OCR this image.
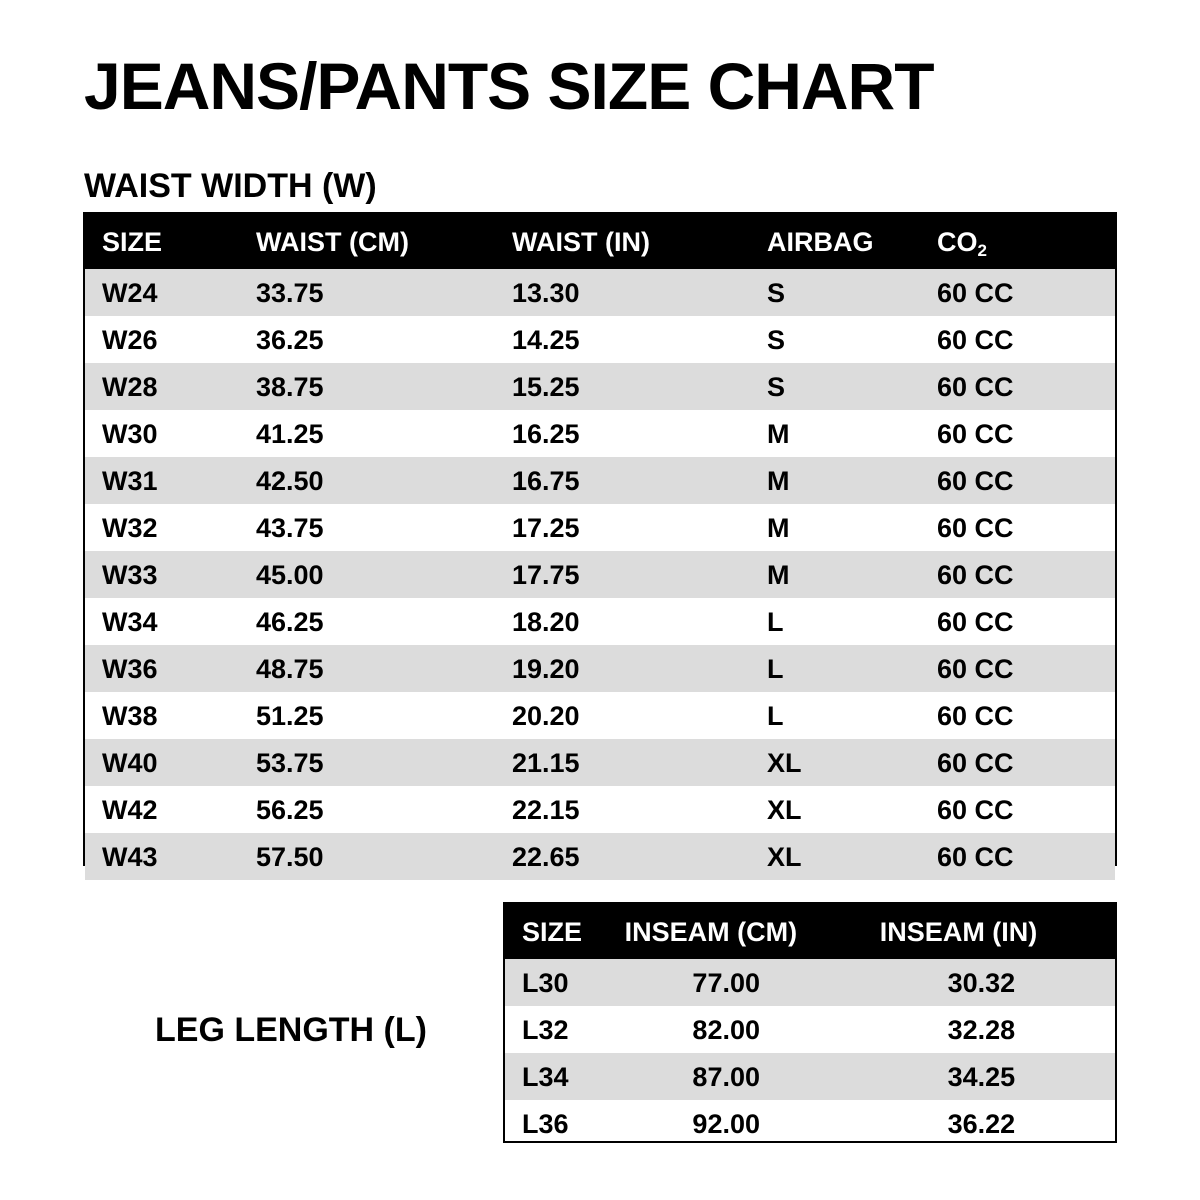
JEANS/PANTS SIZE CHART
WAIST WIDTH (W)
SIZE	WAIST (CM)	WAIST (IN)	AIRBAG	$CO_2$
W24	33.75	13.30	S	60 CC
W26	36.25	14.25	S	60 CC
W28	38.75	15.25	S	60 CC
W30	41.25	16.25	M	60 CC
W31	42.50	16.75	M	60 CC
W32	43.75	17.25	M	60 CC
W33	45.00	17.75	M	60 CC
W34	46.25	18.20	L	60 CC
W36	48.75	19.20	L	60 CC
W38	51.25	20.20	L	60 CC
W40	53.75	21.15	XL	60 CC
W42	56.25	22.15	XL	60 CC
W43	57.50	22.65	XL	60 CC
LEG LENGTH (L)
SIZE	INSEAM (CM)	INSEAM (IN)
L30	77.00	30.32
L32	82.00	32.28
L34	87.00	34.25
L36	92.00	36.22
